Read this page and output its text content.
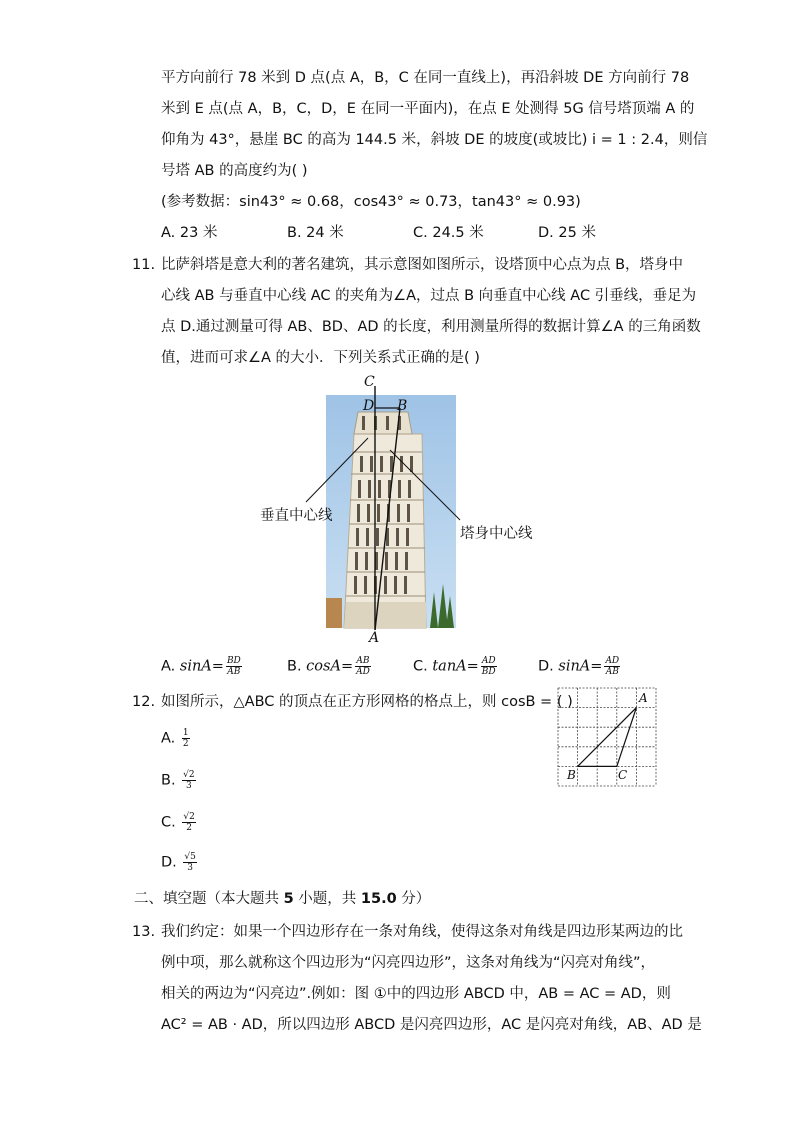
平方向前行 78 米到 D 点(点 A，B，C 在同一直线上)，再沿斜坡 DE 方向前行 78
米到 E 点(点 A，B，C，D，E 在同一平面内)，在点 E 处测得 5G 信号塔顶端 A 的
仰角为 43°，悬崖 BC 的高为 144.5 米，斜坡 DE 的坡度(或坡比) i = 1 : 2.4，则信
号塔 AB 的高度约为( )
(参考数据：sin43° ≈ 0.68，cos43° ≈ 0.73，tan43° ≈ 0.93)
A. 23 米	B. 24 米	C. 24.5 米	D. 25 米
11. 比萨斜塔是意大利的著名建筑，其示意图如图所示，设塔顶中心点为点 B，塔身中
心线 AB 与垂直中心线 AC 的夹角为∠A，过点 B 向垂直中心线 AC 引垂线，垂足为
点 D.通过测量可得 AB、BD、AD 的长度，利用测量所得的数据计算∠A 的三角函数
值，进而可求∠A 的大小．下列关系式正确的是( )
C
D B
A
垂直中心线
塔身中心线
A. $\sin A= \frac{BD}{AB}$	B. $\cos A= \frac{AB}{AD}$	C. $\tan A= \frac{AD}{BD}$	D. $\sin A= \frac{AD}{AB}$
12. 如图所示，△ABC 的顶点在正方形网格的格点上，则 cosB = ( )	A
B	C
A. $\frac{1}{2}$
B. $\frac{√2}{3}$
C. $\frac{√2}{2}$
D. $\frac{√5}{3}$
二、填空题（本大题共 5 小题，共 15.0 分）
13. 我们约定：如果一个四边形存在一条对角线，使得这条对角线是四边形某两边的比
例中项，那么就称这个四边形为“闪亮四边形”，这条对角线为“闪亮对角线”，
相关的两边为“闪亮边”.例如：图 ①中的四边形 ABCD 中，AB = AC = AD，则
AC² = AB · AD，所以四边形 ABCD 是闪亮四边形，AC 是闪亮对角线，AB、AD 是
